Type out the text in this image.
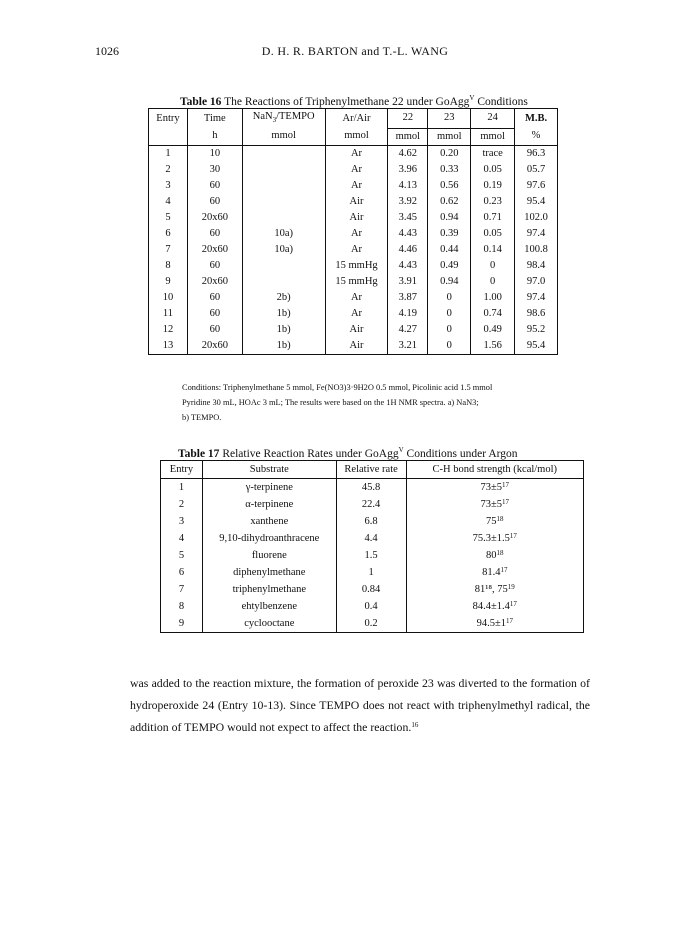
1026	D. H. R. BARTON and T.-L. WANG
Table 16 The Reactions of Triphenylmethane 22 under GoAgg$^V$ Conditions
Entry	Time	NaN$_3$/TEMPO	Ar/Air	22	23	24	M.B.
	h	mmol	mmol	mmol	mmol	mmol	%
1	10		Ar	4.62	0.20	trace	96.3
2	30		Ar	3.96	0.33	0.05	05.7
3	60		Ar	4.13	0.56	0.19	97.6
4	60		Air	3.92	0.62	0.23	95.4
5	20x60		Air	3.45	0.94	0.71	102.0
6	60	10a)	Ar	4.43	0.39	0.05	97.4
7	20x60	10a)	Ar	4.46	0.44	0.14	100.8
8	60		15 mmHg	4.43	0.49	0	98.4
9	20x60		15 mmHg	3.91	0.94	0	97.0
10	60	2b)	Ar	3.87	0	1.00	97.4
11	60	1b)	Ar	4.19	0	0.74	98.6
12	60	1b)	Air	4.27	0	0.49	95.2
13	20x60	1b)	Air	3.21	0	1.56	95.4
Conditions: Triphenylmethane 5 mmol, Fe(NO3)3·9H2O 0.5 mmol, Picolinic acid 1.5 mmol
Pyridine 30 mL, HOAc 3 mL; The results were based on the 1H NMR spectra. a) NaN3;
b) TEMPO.
Table 17 Relative Reaction Rates under GoAgg$^V$ Conditions under Argon
Entry	Substrate	Relative rate	C-H bond strength (kcal/mol)
1	γ-terpinene	45.8	$73\pm 5^{17}$
2	α-terpinene	22.4	$73\pm 5^{17}$
3	xanthene	6.8	$75^{18}$
4	9,10-dihydroanthracene	4.4	$75.3\pm 1.5^{17}$
5	fluorene	1.5	$80^{18}$
6	diphenylmethane	1	81.4$^{17}$
7	triphenylmethane	0.84	81¹⁸, $75^{19}$
8	ehtylbenzene	0.4	$84.4\pm 1.4^{17}$
9	cyclooctane	0.2	$94.5\pm 1^{17}$
was added to the reaction mixture, the formation of peroxide 23 was diverted to the formation of hydroperoxide 24 (Entry 10-13). Since TEMPO does not react with triphenylmethyl radical, the addition of TEMPO would not expect to affect the reaction.$^{16}$
